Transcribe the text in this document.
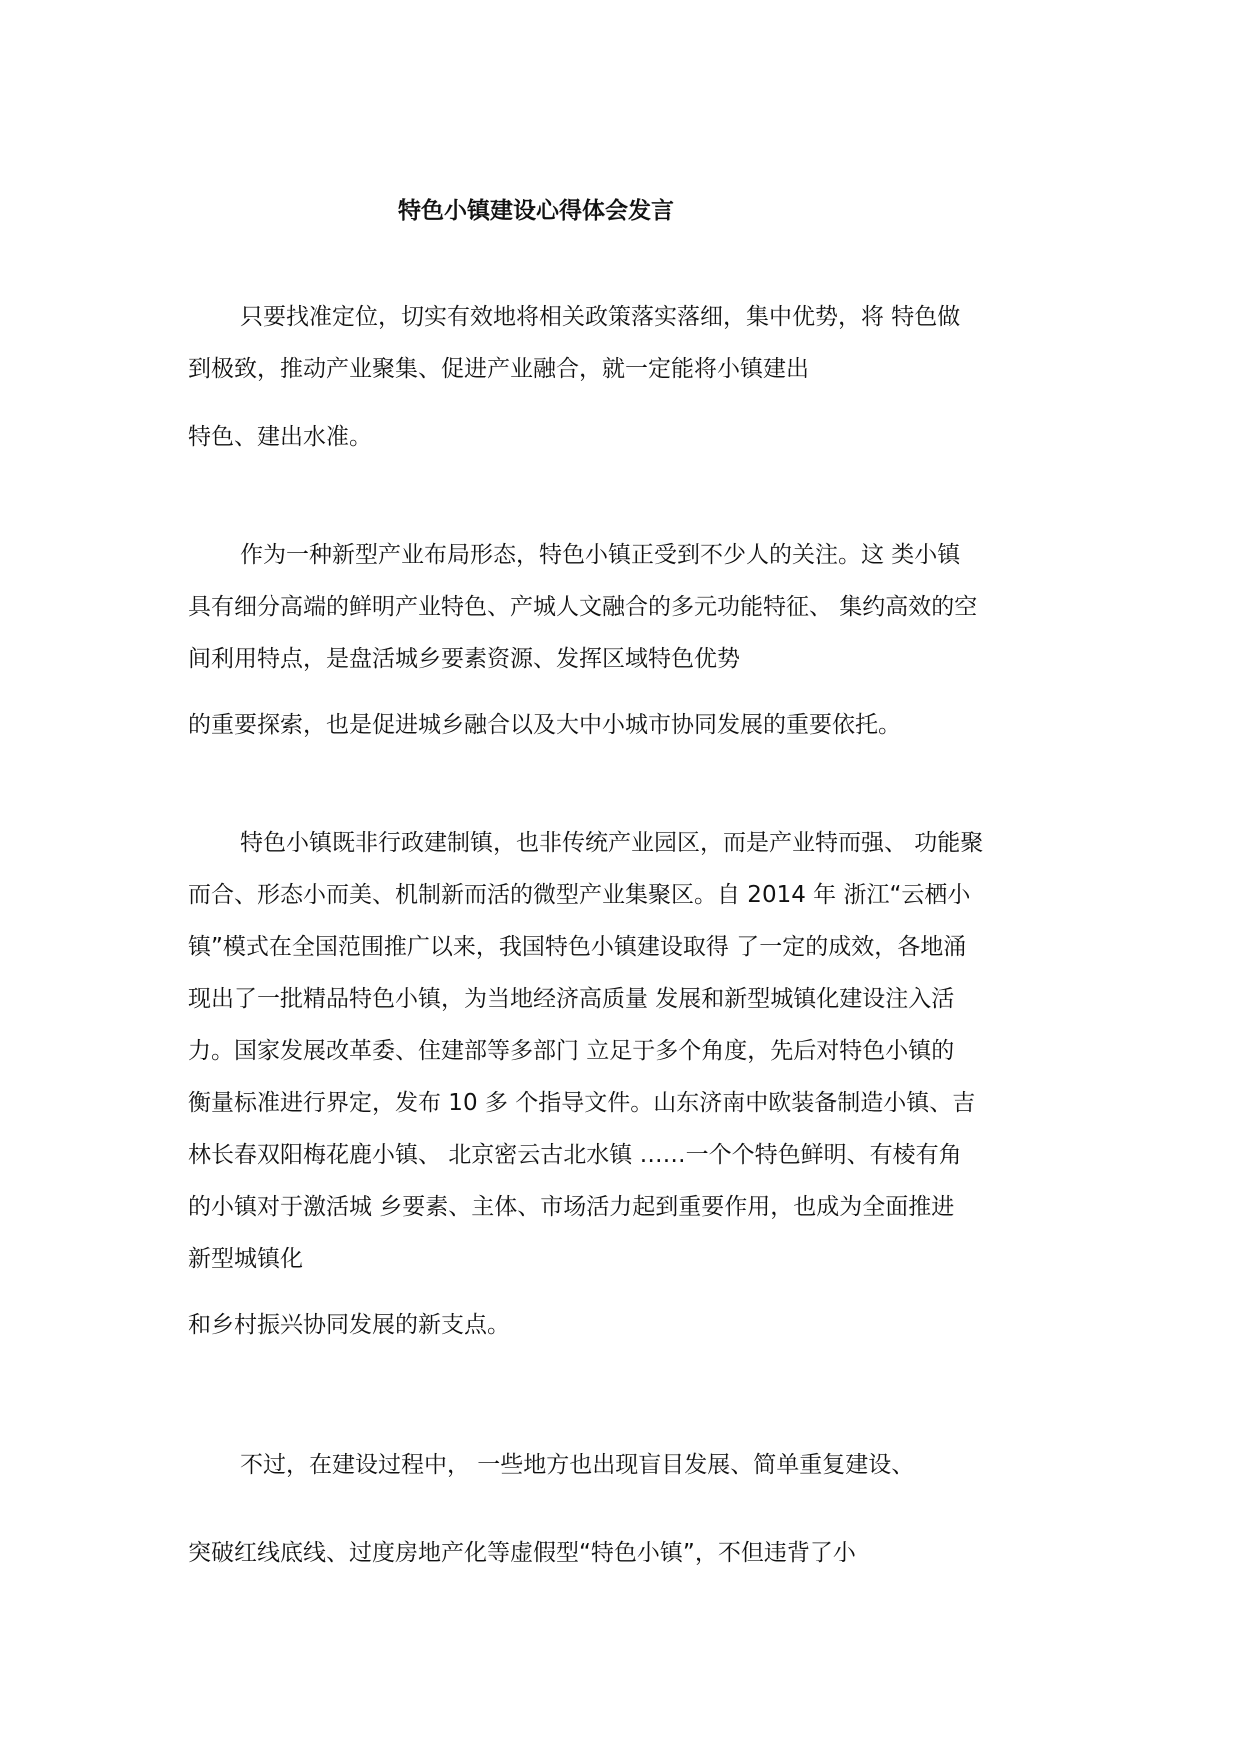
特色小镇建设心得体会发言
只要找准定位，切实有效地将相关政策落实落细，集中优势，将 特色做
到极致，推动产业聚集、促进产业融合，就一定能将小镇建出
特色、建出水准。
作为一种新型产业布局形态，特色小镇正受到不少人的关注。这 类小镇
具有细分高端的鲜明产业特色、产城人文融合的多元功能特征、 集约高效的空
间利用特点，是盘活城乡要素资源、发挥区域特色优势
的重要探索，也是促进城乡融合以及大中小城市协同发展的重要依托。
特色小镇既非行政建制镇，也非传统产业园区，而是产业特而强、 功能聚
而合、形态小而美、机制新而活的微型产业集聚区。自 2014 年 浙江“云栖小
镇”模式在全国范围推广以来，我国特色小镇建设取得 了一定的成效，各地涌
现出了一批精品特色小镇，为当地经济高质量 发展和新型城镇化建设注入活
力。国家发展改革委、住建部等多部门 立足于多个角度，先后对特色小镇的
衡量标准进行界定，发布 10 多 个指导文件。山东济南中欧装备制造小镇、吉
林长春双阳梅花鹿小镇、 北京密云古北水镇 ……一个个特色鲜明、有棱有角
的小镇对于激活城 乡要素、主体、市场活力起到重要作用，也成为全面推进
新型城镇化
和乡村振兴协同发展的新支点。
不过，在建设过程中， 一些地方也出现盲目发展、简单重复建设、
突破红线底线、过度房地产化等虚假型“特色小镇”，不但违背了小
